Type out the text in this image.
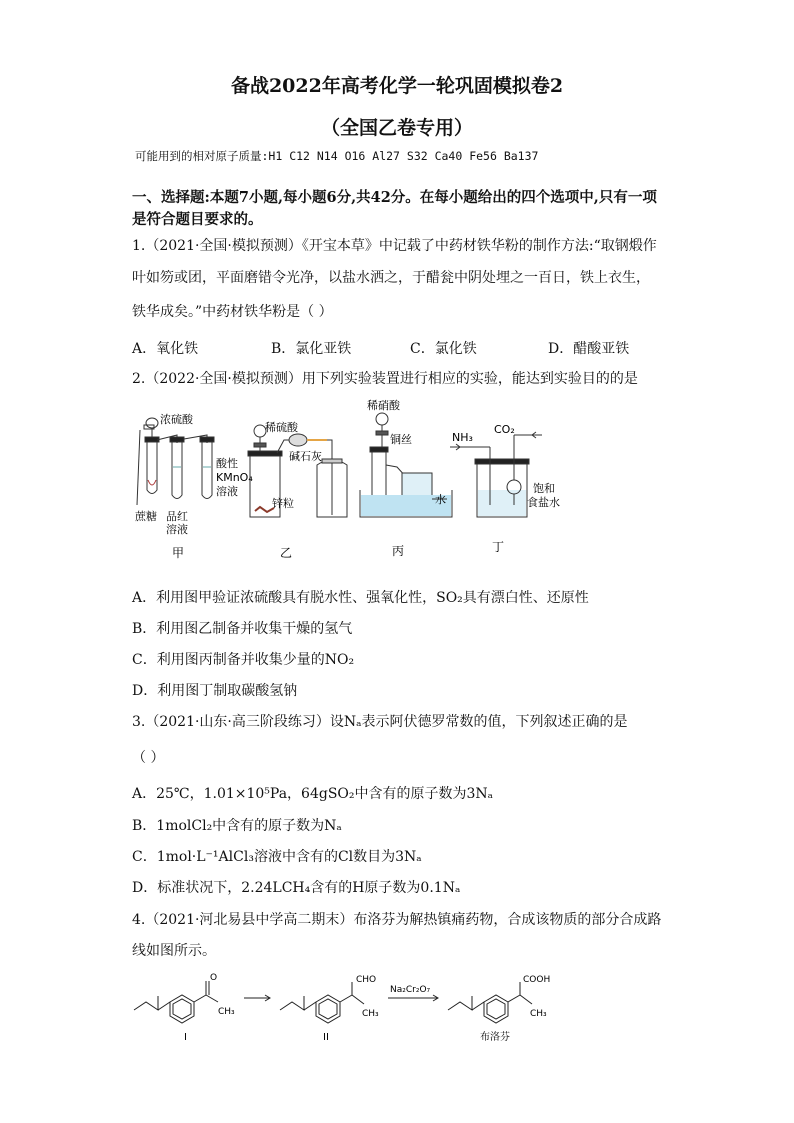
备战2022年高考化学一轮巩固模拟卷2
（全国乙卷专用）
可能用到的相对原子质量:H1 C12 N14 O16 Al27 S32 Ca40 Fe56 Ba137
一、选择题:本题7小题,每小题6分,共42分。在每小题给出的四个选项中,只有一项
是符合题目要求的。
1.（2021·全国·模拟预测）《开宝本草》中记载了中药材铁华粉的制作方法:“取钢煅作
叶如笏或团，平面磨错令光净，以盐水洒之，于醋瓮中阴处埋之一百日，铁上衣生，
铁华成矣。”中药材铁华粉是（ ）
A．氧化铁	B．氯化亚铁	C．氯化铁	D．醋酸亚铁
2.（2022·全国·模拟预测）用下列实验装置进行相应的实验，能达到实验目的的是
浓硫酸
蔗糖 品红
溶液
酸性
KMnO₄
溶液
甲
稀硫酸
碱石灰
锌粒
乙
稀硝酸
铜丝
水
丙
NH₃
CO₂
饱和
食盐水
丁
A．利用图甲验证浓硫酸具有脱水性、强氧化性，SO₂具有漂白性、还原性
B．利用图乙制备并收集干燥的氢气
C．利用图丙制备并收集少量的NO₂
D．利用图丁制取碳酸氢钠
3.（2021·山东·高三阶段练习）设Nₐ表示阿伏德罗常数的值，下列叙述正确的是
（ ）
A．25℃，1.01×10⁵Pa，64gSO₂中含有的原子数为3Nₐ
B．1molCl₂中含有的原子数为Nₐ
C．1mol·L⁻¹AlCl₃溶液中含有的Cl数目为3Nₐ
D．标准状况下，2.24LCH₄含有的H原子数为0.1Nₐ
4.（2021·河北易县中学高二期末）布洛芬为解热镇痛药物，合成该物质的部分合成路
线如图所示。
O
CH₃
CHO
CH₃
Na₂Cr₂O₇
COOH
CH₃
I	II	布洛芬
